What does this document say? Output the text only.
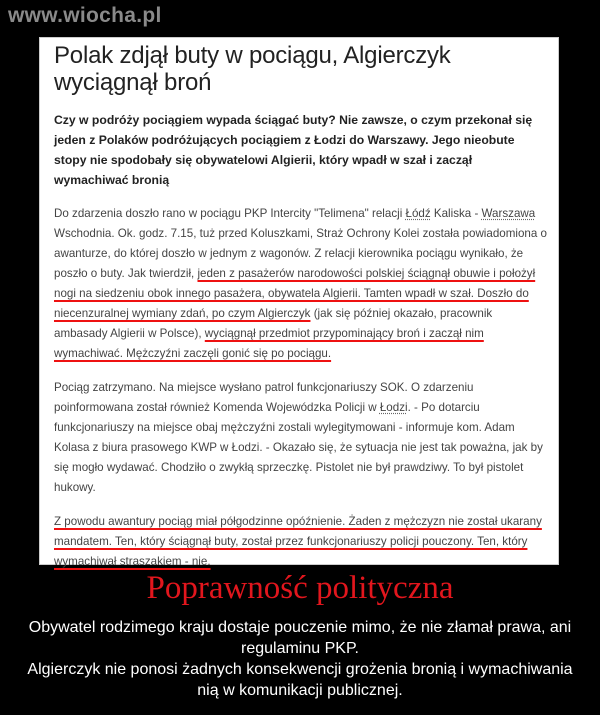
www.wiocha.pl
Polak zdjął buty w pociągu, Algierczyk wyciągnął broń

Czy w podróży pociągiem wypada ściągać buty? Nie zawsze, o czym przekonał się jeden z Polaków podróżujących pociągiem z Łodzi do Warszawy. Jego nieobute stopy nie spodobały się obywatelowi Algierii, który wpadł w szał i zaczął wymachiwać bronią

Do zdarzenia doszło rano w pociągu PKP Intercity "Telimena" relacji Łódź Kaliska - Warszawa Wschodnia. Ok. godz. 7.15, tuż przed Koluszkami, Straż Ochrony Kolei została powiadomiona o awanturze, do której doszło w jednym z wagonów. Z relacji kierownika pociągu wynikało, że poszło o buty. Jak twierdził, jeden z pasażerów narodowości polskiej ściągnął obuwie i położył nogi na siedzeniu obok innego pasażera, obywatela Algierii. Tamten wpadł w szał. Doszło do niecenzuralnej wymiany zdań, po czym Algierczyk (jak się później okazało, pracownik ambasady Algierii w Polsce), wyciągnął przedmiot przypominający broń i zaczął nim wymachiwać. Mężczyźni zaczęli gonić się po pociągu.

Pociąg zatrzymano. Na miejsce wysłano patrol funkcjonariuszy SOK. O zdarzeniu poinformowana został również Komenda Wojewódzka Policji w Łodzi. - Po dotarciu funkcjonariuszy na miejsce obaj mężczyźni zostali wylegitymowani - informuje kom. Adam Kolasa z biura prasowego KWP w Łodzi. - Okazało się, że sytuacja nie jest tak poważna, jak by się mogło wydawać. Chodziło o zwykłą sprzeczkę. Pistolet nie był prawdziwy. To był pistolet hukowy.

Z powodu awantury pociąg miał półgodzinne opóźnienie. Żaden z mężczyzn nie został ukarany mandatem. Ten, który ściągnął buty, został przez funkcjonariuszy policji pouczony. Ten, który wymachiwał straszakiem - nie.

Poprawność polityczna
Obywatel rodzimego kraju dostaje pouczenie mimo, że nie złamał prawa, ani regulaminu PKP.
Algierczyk nie ponosi żadnych konsekwencji grożenia bronią i wymachiwania nią w komunikacji publicznej.
